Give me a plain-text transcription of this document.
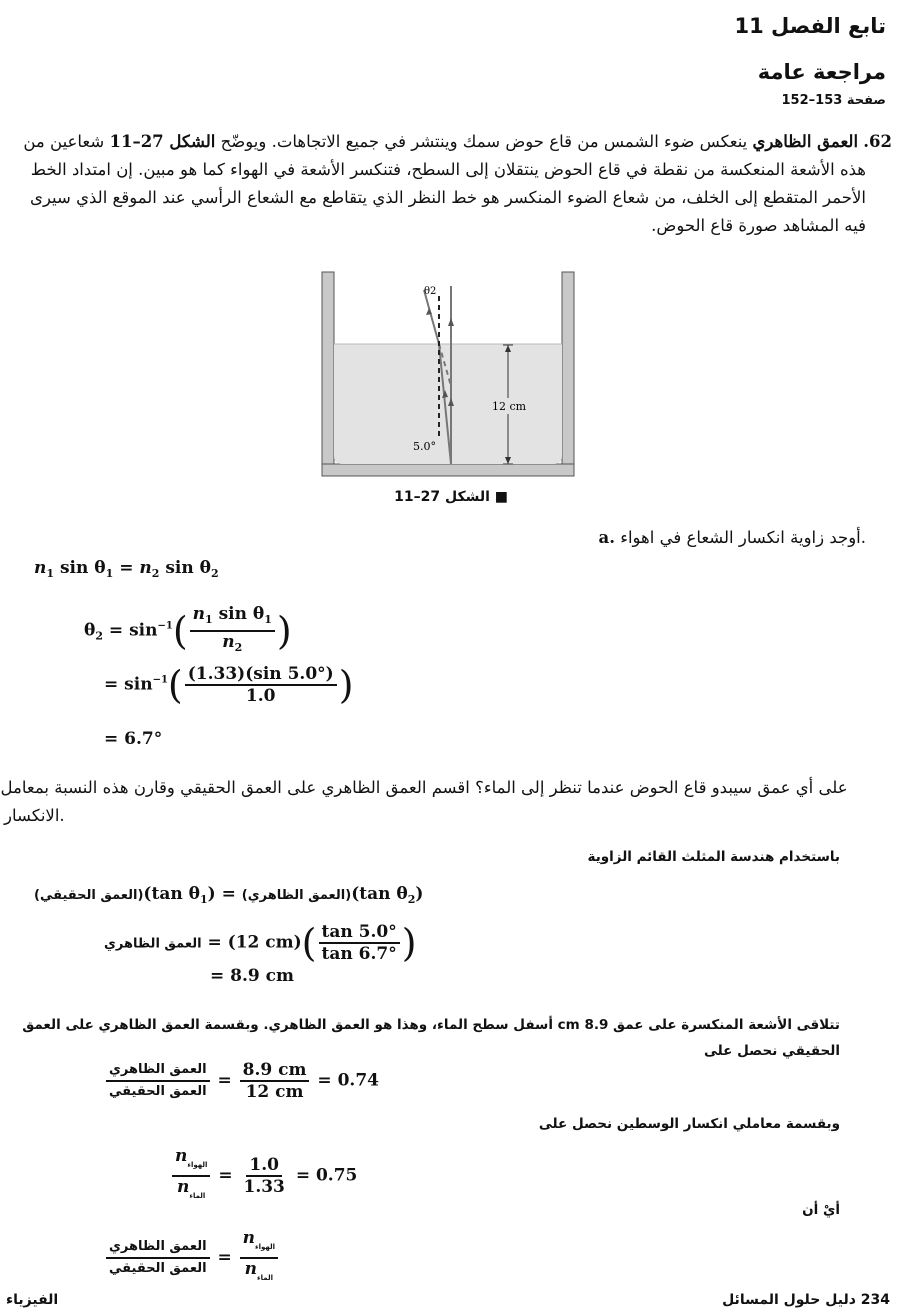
تابع الفصل 11
مراجعة عامة
صفحة 153–152
62. العمق الظاهري ينعكس ضوء الشمس من قاع حوض سمك وينتشر في جميع الاتجاهات. ويوضّح الشكل 27–11 شعاعين من هذه الأشعة المنعكسة من نقطة في قاع الحوض ينتقلان إلى السطح، فتنكسر الأشعة في الهواء كما هو مبين. إن امتداد الخط الأحمر المتقطع إلى الخلف، من شعاع الضوء المنكسر هو خط النظر الذي يتقاطع مع الشعاع الرأسي عند الموقع الذي سيرى فيه المشاهد صورة قاع الحوض.
12 cm
θ2
5.0°
■ الشكل 27–11
a. أوجد زاوية انكسار الشعاع في اهواء.
$n_1$ $\sin \theta_1 = n_2$ $\sin \theta_2$
$\theta_2 = \sin^{-1}( \frac{n_1 \sin \theta_1}{n_2}$ )
= $\sin^{-1}( \frac{(1.33)(\sin 5.0^\circ)}{1.0}$ )
= 6.7°
على أي عمق سيبدو قاع الحوض عندما تنظر إلى الماء؟ اقسم العمق الظاهري على العمق الحقيقي وقارن هذه النسبة بمعامل الانكسار.
باستخدام هندسة المثلث القائم الزاوية
(العمق الحقيقي)(tan $\theta_1$) = (العمق الظاهري)(tan $\theta_2$)
العمق الظاهري = (12 $cm)( \frac{\tan 5.0^\circ}{\tan 6.7^\circ}$ )
= 8.9 cm
تتلاقى الأشعة المنكسرة على عمق 8.9 cm أسفل سطح الماء، وهذا هو العمق الظاهري. وبقسمة العمق الظاهري على العمق الحقيقي نحصل على
$\frac{\text{العمق الظاهري}}{\text{العمق الحقيقي}} = \frac{8.9 cm}{12 cm} = 0.74$
وبقسمة معاملي انكسار الوسطين نحصل على
$\frac{n_{الهواء}}{n_{الماء}} = \frac{1.0}{1.33} = 0.75$
أيْ أن
$\frac{\text{العمق الظاهري}}{\text{العمق الحقيقي}} = \frac{n_{الهواء}}{n_{الماء}}$
الفيزياء	234 دليل حلول المسائل
